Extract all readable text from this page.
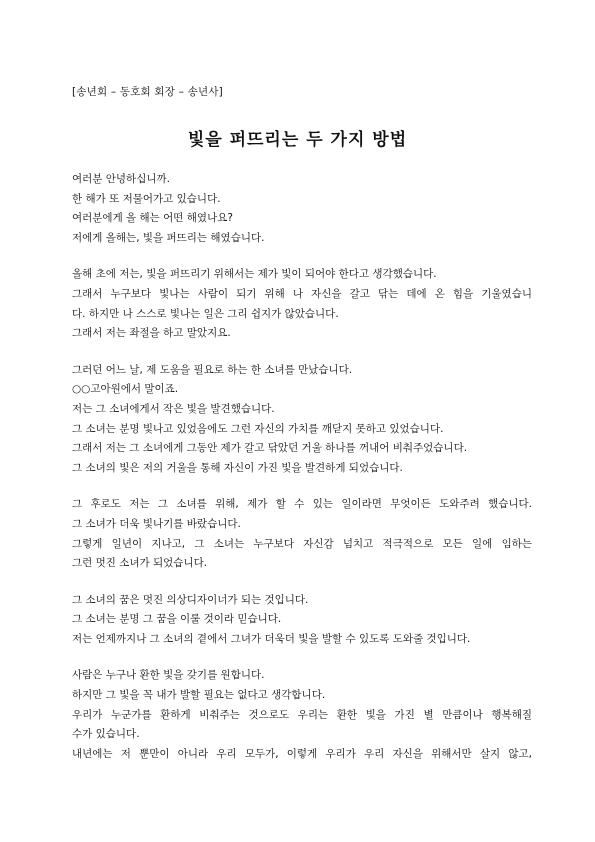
[송년회 – 동호회 회장 – 송년사]
빛을 퍼뜨리는 두 가지 방법
여러분 안녕하십니까.
한 해가 또 저물어가고 있습니다.
여러분에게 올 해는 어떤 해였나요?
저에게 올해는, 빛을 퍼뜨리는 해였습니다.
올해 초에 저는, 빛을 퍼뜨리기 위해서는 제가 빛이 되어야 한다고 생각했습니다.
그래서 누구보다 빛나는 사람이 되기 위해 나 자신을 갈고 닦는 데에 온 힘을 기울였습니
다. 하지만 나 스스로 빛나는 일은 그리 쉽지가 않았습니다.
그래서 저는 좌절을 하고 말았지요.
그러던 어느 날, 제 도움을 필요로 하는 한 소녀를 만났습니다.
○○고아원에서 말이죠.
저는 그 소녀에게서 작은 빛을 발견했습니다.
그 소녀는 분명 빛나고 있었음에도 그런 자신의 가치를 깨닫지 못하고 있었습니다.
그래서 저는 그 소녀에게 그동안 제가 갈고 닦았던 거울 하나를 꺼내어 비춰주었습니다.
그 소녀의 빛은 저의 거울을 통해 자신이 가진 빛을 발견하게 되었습니다.
그 후로도 저는 그 소녀를 위해, 제가 할 수 있는 일이라면 무엇이든 도와주려 했습니다.
그 소녀가 더욱 빛나기를 바랐습니다.
그렇게 일년이 지나고, 그 소녀는 누구보다 자신감 넘치고 적극적으로 모든 일에 임하는
그런 멋진 소녀가 되었습니다.
그 소녀의 꿈은 멋진 의상디자이너가 되는 것입니다.
그 소녀는 분명 그 꿈을 이룰 것이라 믿습니다.
저는 언제까지나 그 소녀의 곁에서 그녀가 더욱더 빛을 발할 수 있도록 도와줄 것입니다.
사람은 누구나 환한 빛을 갖기를 원합니다.
하지만 그 빛을 꼭 내가 발할 필요는 없다고 생각합니다.
우리가 누군가를 환하게 비춰주는 것으로도 우리는 환한 빛을 가진 별 만큼이나 행복해질
수가 있습니다.
내년에는 저 뿐만이 아니라 우리 모두가, 이렇게 우리가 우리 자신을 위해서만 살지 않고,
